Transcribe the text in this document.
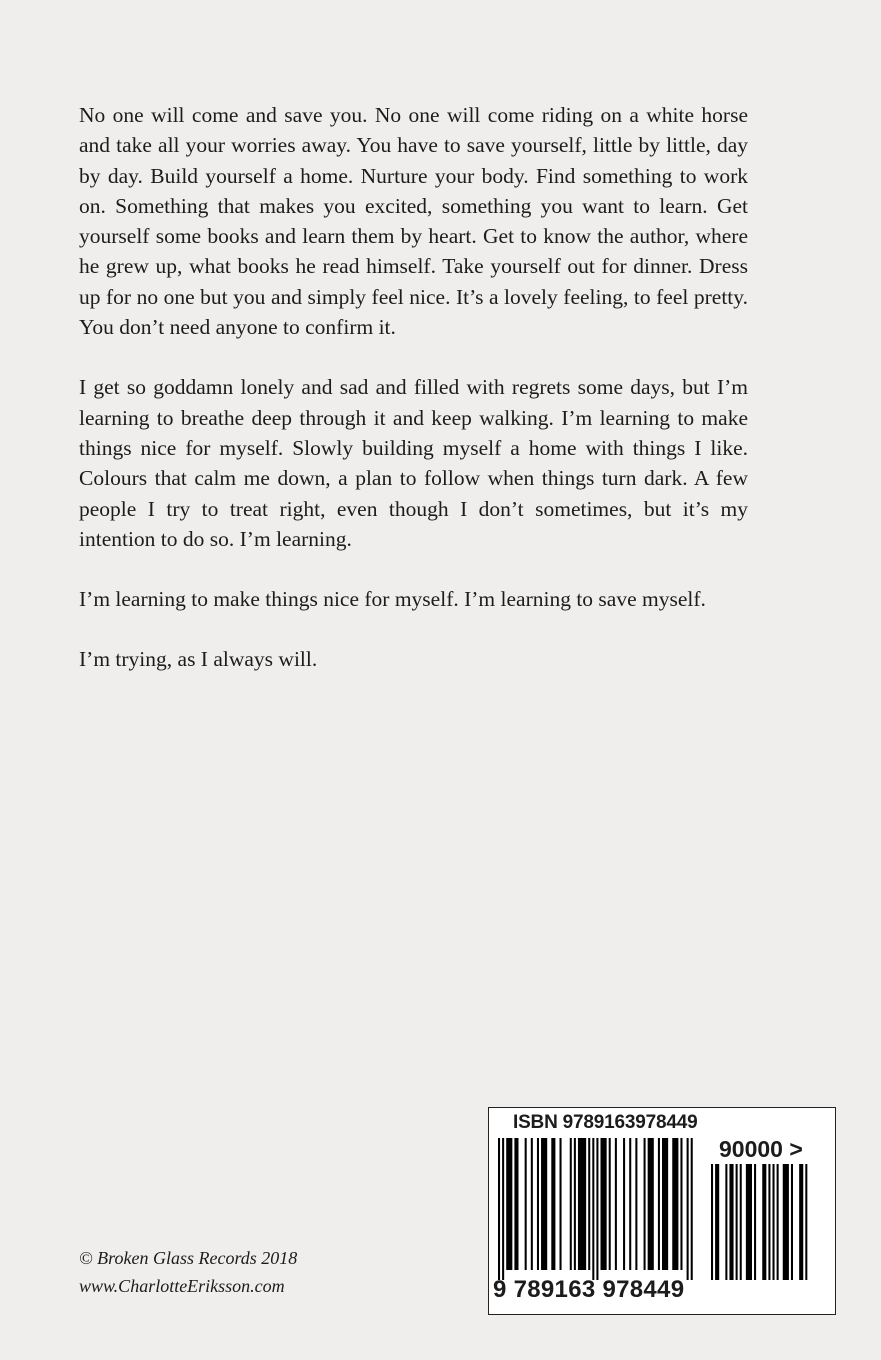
No one will come and save you. No one will come riding on a white horse and take all your worries away. You have to save yourself, little by little, day by day. Build yourself a home. Nurture your body. Find something to work on. Something that makes you excited, something you want to learn. Get yourself some books and learn them by heart. Get to know the author, where he grew up, what books he read himself. Take yourself out for dinner. Dress up for no one but you and simply feel nice. It’s a lovely feeling, to feel pretty. You don’t need anyone to confirm it.

I get so goddamn lonely and sad and filled with regrets some days, but I’m learning to breathe deep through it and keep walking. I’m learning to make things nice for myself. Slowly building myself a home with things I like. Colours that calm me down, a plan to follow when things turn dark. A few people I try to treat right, even though I don’t sometimes, but it’s my intention to do so. I’m learning.

I’m learning to make things nice for myself. I’m learning to save myself.

I’m trying, as I always will.

© Broken Glass Records 2018
www.CharlotteEriksson.com
ISBN 9789163978449
90000 >
9 789163 978449
